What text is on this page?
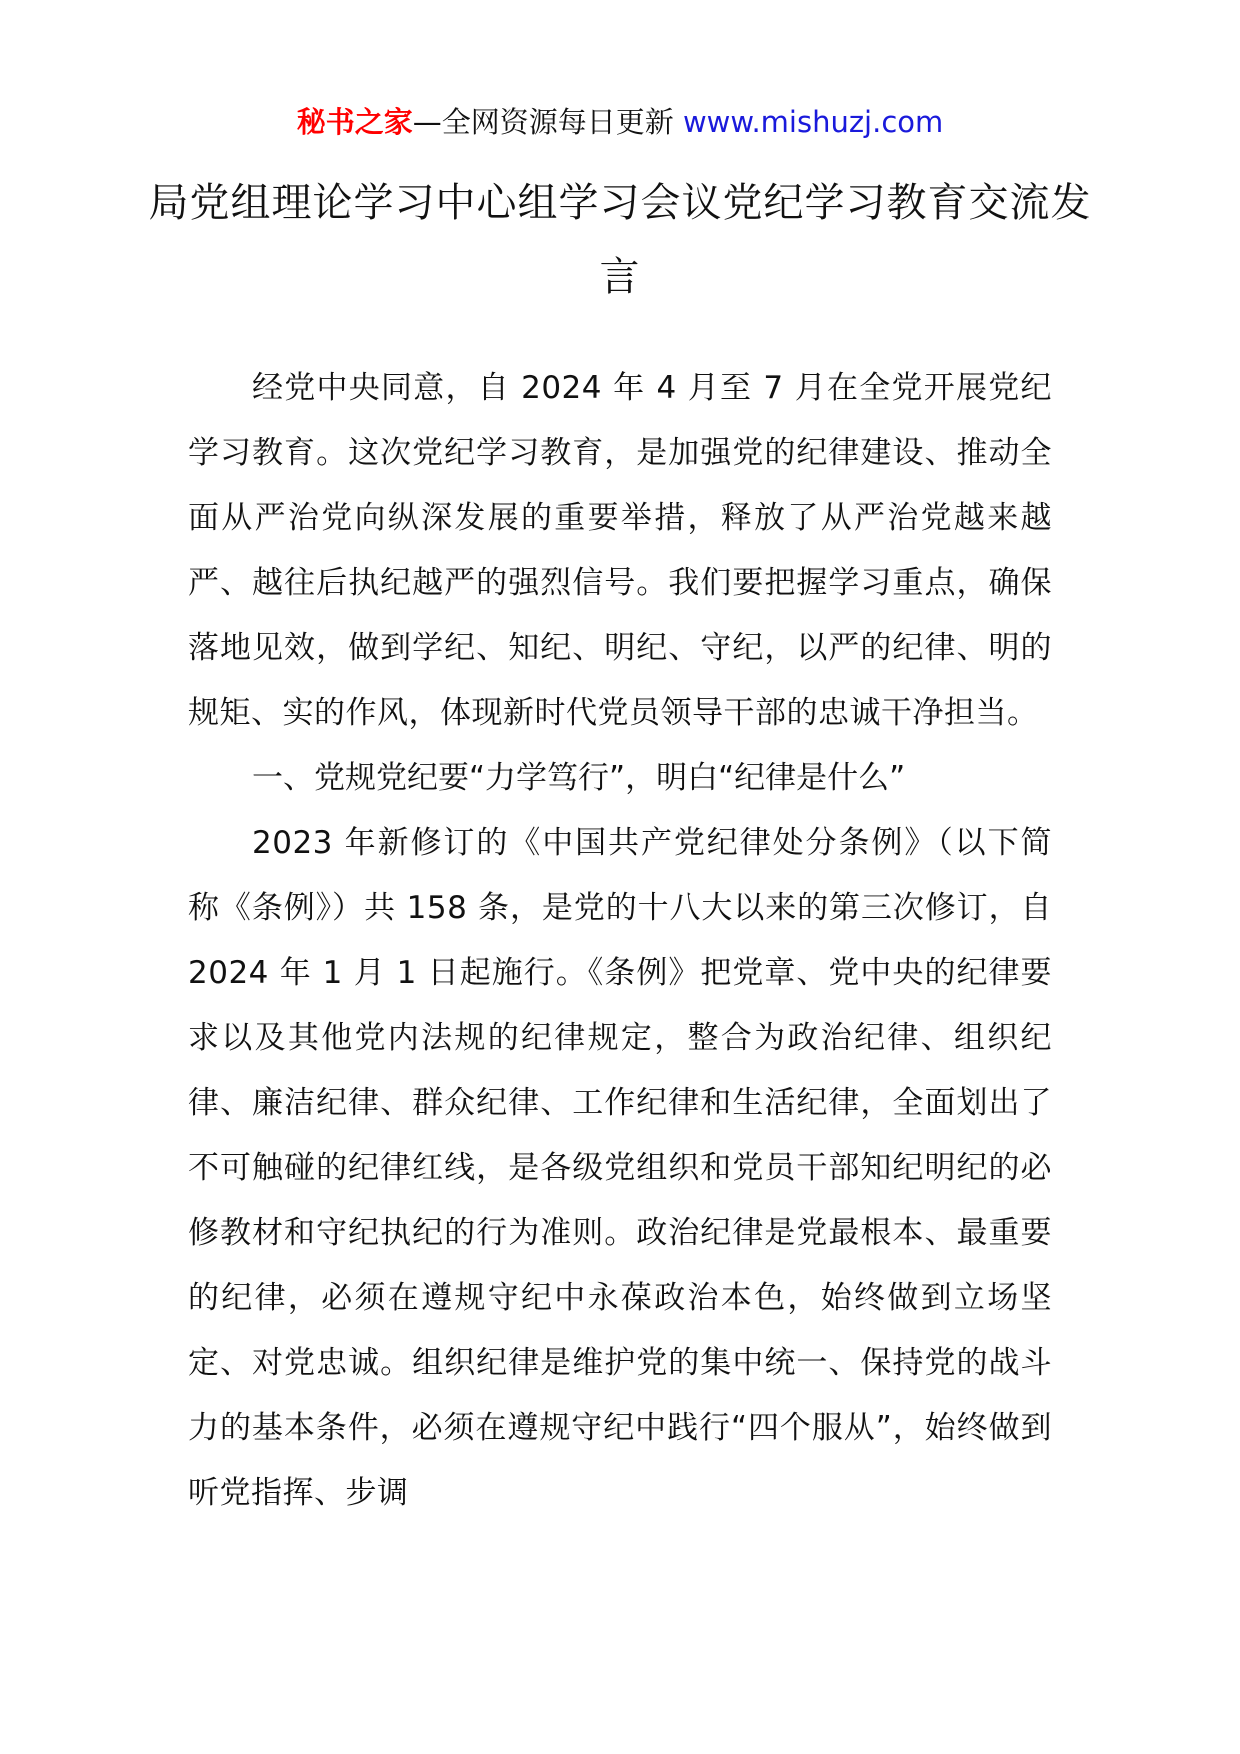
秘书之家—全网资源每日更新 www.mishuzj.com
局党组理论学习中心组学习会议党纪学习教育交流发言

经党中央同意，自 2024 年 4 月至 7 月在全党开展党纪学习教育。这次党纪学习教育，是加强党的纪律建设、推动全面从严治党向纵深发展的重要举措，释放了从严治党越来越严、越往后执纪越严的强烈信号。我们要把握学习重点，确保落地见效，做到学纪、知纪、明纪、守纪，以严的纪律、明的规矩、实的作风，体现新时代党员领导干部的忠诚干净担当。

一、党规党纪要“力学笃行”，明白“纪律是什么”

2023 年新修订的《中国共产党纪律处分条例》（以下简称《条例》）共 158 条，是党的十八大以来的第三次修订，自 2024 年 1 月 1 日起施行。《条例》把党章、党中央的纪律要求以及其他党内法规的纪律规定，整合为政治纪律、组织纪律、廉洁纪律、群众纪律、工作纪律和生活纪律，全面划出了不可触碰的纪律红线，是各级党组织和党员干部知纪明纪的必修教材和守纪执纪的行为准则。政治纪律是党最根本、最重要的纪律，必须在遵规守纪中永葆政治本色，始终做到立场坚定、对党忠诚。组织纪律是维护党的集中统一、保持党的战斗力的基本条件，必须在遵规守纪中践行“四个服从”，始终做到听党指挥、步调
